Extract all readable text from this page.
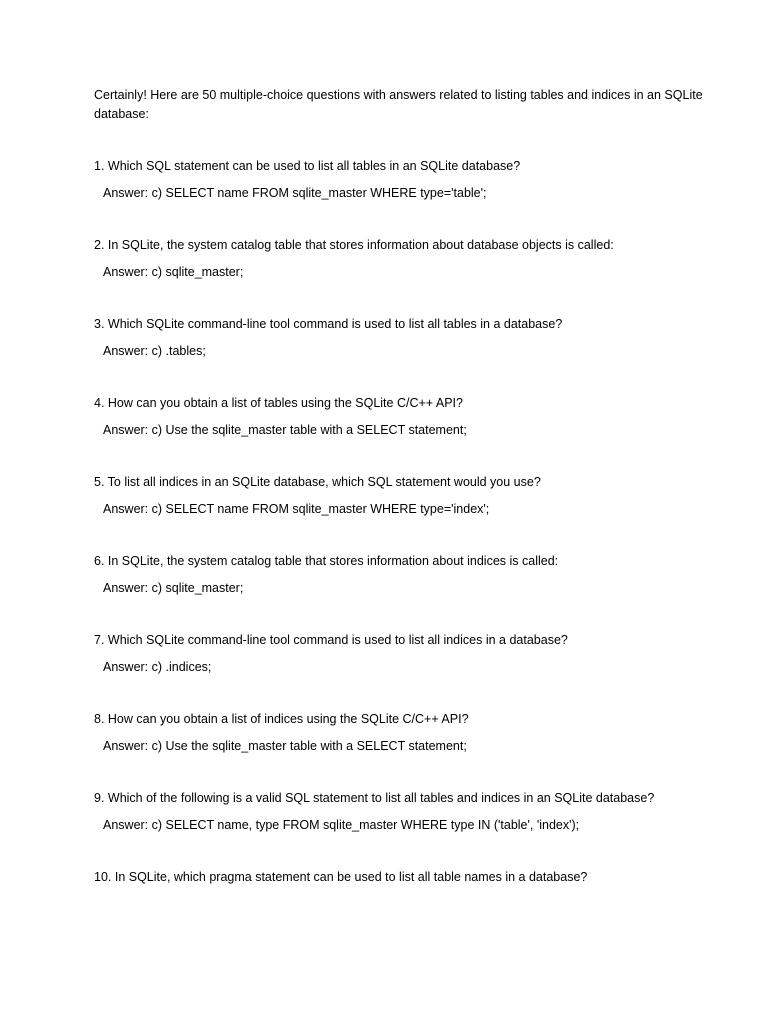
Certainly! Here are 50 multiple-choice questions with answers related to listing tables and indices in an SQLite database:

1. Which SQL statement can be used to list all tables in an SQLite database?
Answer: c) SELECT name FROM sqlite_master WHERE type='table';
2. In SQLite, the system catalog table that stores information about database objects is called:
Answer: c) sqlite_master;
3. Which SQLite command-line tool command is used to list all tables in a database?
Answer: c) .tables;
4. How can you obtain a list of tables using the SQLite C/C++ API?
Answer: c) Use the sqlite_master table with a SELECT statement;
5. To list all indices in an SQLite database, which SQL statement would you use?
Answer: c) SELECT name FROM sqlite_master WHERE type='index';
6. In SQLite, the system catalog table that stores information about indices is called:
Answer: c) sqlite_master;
7. Which SQLite command-line tool command is used to list all indices in a database?
Answer: c) .indices;
8. How can you obtain a list of indices using the SQLite C/C++ API?
Answer: c) Use the sqlite_master table with a SELECT statement;
9. Which of the following is a valid SQL statement to list all tables and indices in an SQLite database?
Answer: c) SELECT name, type FROM sqlite_master WHERE type IN ('table', 'index');
10. In SQLite, which pragma statement can be used to list all table names in a database?
